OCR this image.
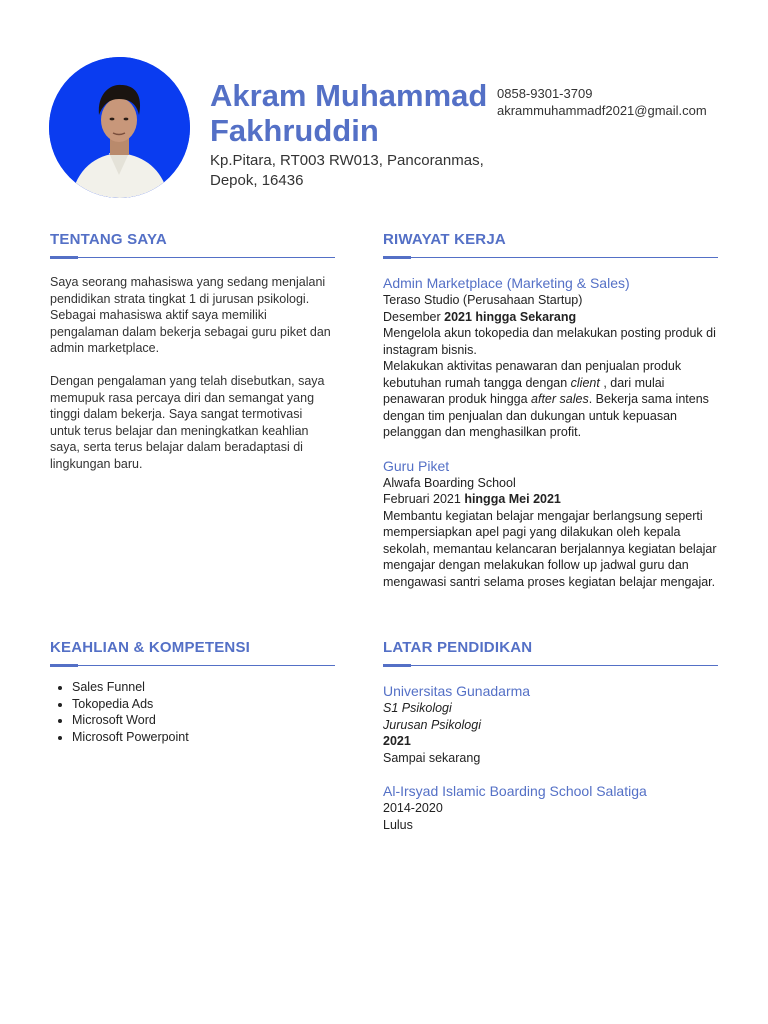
Akram Muhammad
Fakhruddin
Kp.Pitara, RT003 RW013, Pancoranmas,
Depok, 16436
0858-9301-3709
akrammuhammadf2021@gmail.com
TENTANG SAYA

Saya seorang mahasiswa yang sedang menjalani pendidikan strata tingkat 1 di jurusan psikologi. Sebagai mahasiswa aktif saya memiliki pengalaman dalam bekerja sebagai guru piket dan admin marketplace.

Dengan pengalaman yang telah disebutkan, saya memupuk rasa percaya diri dan semangat yang tinggi dalam bekerja. Saya sangat termotivasi untuk terus belajar dan meningkatkan keahlian saya, serta terus belajar dalam beradaptasi di lingkungan baru.

RIWAYAT KERJA

Admin Marketplace (Marketing & Sales)

Teraso Studio (Perusahaan Startup)
Desember 2021 hingga Sekarang
Mengelola akun tokopedia dan melakukan posting produk di instagram bisnis.
Melakukan aktivitas penawaran dan penjualan produk kebutuhan rumah tangga dengan client , dari mulai penawaran produk hingga after sales. Bekerja sama intens dengan tim penjualan dan dukungan untuk kepuasan pelanggan dan menghasilkan profit.

Guru Piket

Alwafa Boarding School
Februari 2021 hingga Mei 2021
Membantu kegiatan belajar mengajar berlangsung seperti mempersiapkan apel pagi yang dilakukan oleh kepala sekolah, memantau kelancaran berjalannya kegiatan belajar mengajar dengan melakukan follow up jadwal guru dan mengawasi santri selama proses kegiatan belajar mengajar.
KEAHLIAN & KOMPETENSI
• Sales Funnel
• Tokopedia Ads
• Microsoft Word
• Microsoft Powerpoint
LATAR PENDIDIKAN

Universitas Gunadarma

S1 Psikologi
Jurusan Psikologi
2021
Sampai sekarang

Al-Irsyad Islamic Boarding School Salatiga

2014-2020
Lulus
